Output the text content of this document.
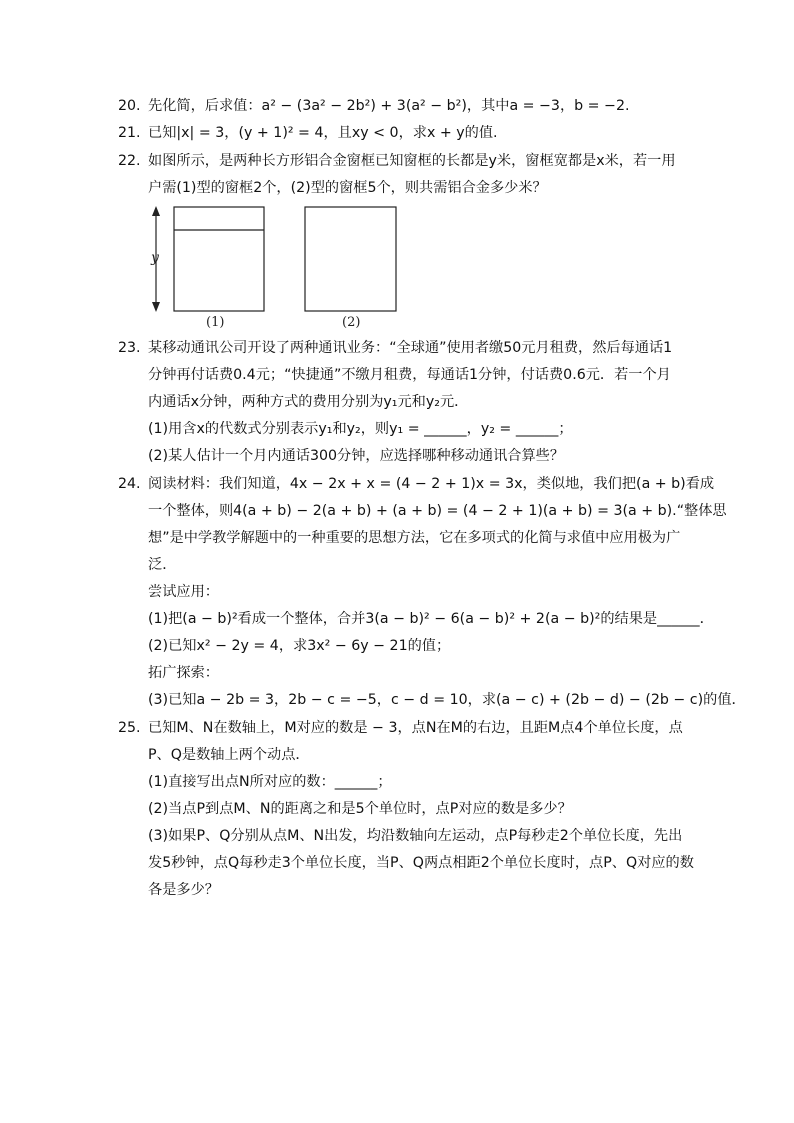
20. 先化简，后求值：a² − (3a² − 2b²) + 3(a² − b²)，其中a = −3，b = −2.
21. 已知|x| = 3，(y + 1)² = 4，且xy < 0，求x + y的值.
22. 如图所示，是两种长方形铝合金窗框已知窗框的长都是y米，窗框宽都是x米，若一用
户需(1)型的窗框2个，(2)型的窗框5个，则共需铝合金多少米？
y
(1)	(2)
23. 某移动通讯公司开设了两种通讯业务：“全球通”使用者缴50元月租费，然后每通话1
分钟再付话费0.4元；“快捷通”不缴月租费，每通话1分钟，付话费0.6元．若一个月
内通话x分钟，两种方式的费用分别为y₁元和y₂元．
(1)用含x的代数式分别表示y₁和y₂，则y₁ = ______，y₂ = ______；
(2)某人估计一个月内通话300分钟，应选择哪种移动通讯合算些？
24. 阅读材料：我们知道，4x − 2x + x = (4 − 2 + 1)x = 3x，类似地，我们把(a + b)看成
一个整体，则4(a + b) − 2(a + b) + (a + b) = (4 − 2 + 1)(a + b) = 3(a + b).“整体思
想”是中学教学解题中的一种重要的思想方法，它在多项式的化简与求值中应用极为广
泛．
尝试应用：
(1)把(a − b)²看成一个整体，合并3(a − b)² − 6(a − b)² + 2(a − b)²的结果是______．
(2)已知x² − 2y = 4，求3x² − 6y − 21的值；
拓广探索：
(3)已知a − 2b = 3，2b − c = −5，c − d = 10，求(a − c) + (2b − d) − (2b − c)的值．
25. 已知M、N在数轴上，M对应的数是 − 3，点N在M的右边，且距M点4个单位长度，点
P、Q是数轴上两个动点．
(1)直接写出点N所对应的数：______；
(2)当点P到点M、N的距离之和是5个单位时，点P对应的数是多少？
(3)如果P、Q分别从点M、N出发，均沿数轴向左运动，点P每秒走2个单位长度，先出
发5秒钟，点Q每秒走3个单位长度，当P、Q两点相距2个单位长度时，点P、Q对应的数
各是多少？
